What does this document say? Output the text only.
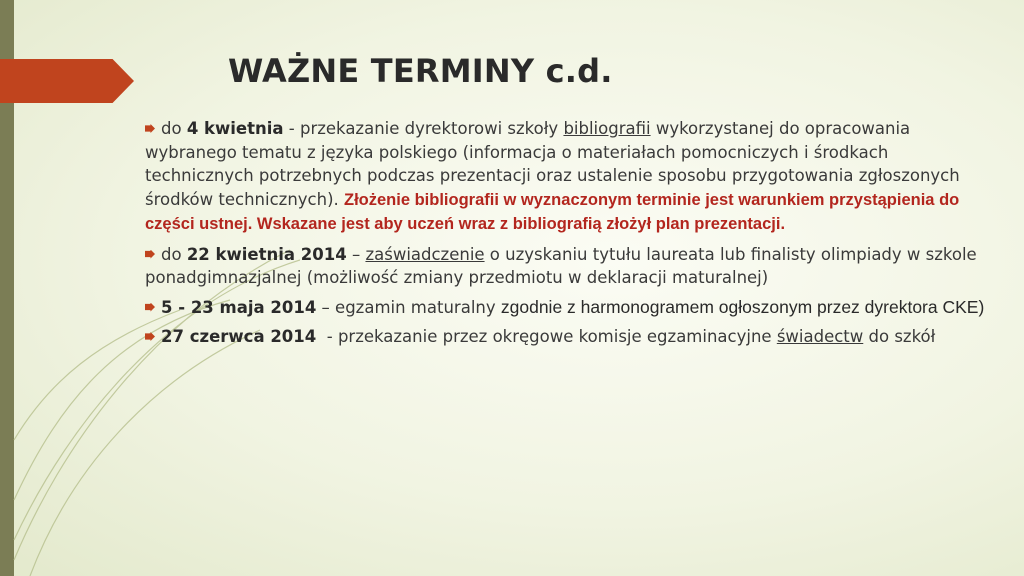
WAŻNE TERMINY c.d.
do 4 kwietnia - przekazanie dyrektorowi szkoły bibliografii wykorzystanej do opracowania wybranego tematu z języka polskiego (informacja o materiałach pomocniczych i środkach technicznych potrzebnych podczas prezentacji oraz ustalenie sposobu przygotowania zgłoszonych środków technicznych). Złożenie bibliografii w wyznaczonym terminie jest warunkiem przystąpienia do części ustnej. Wskazane jest aby uczeń wraz z bibliografią złożył plan prezentacji.
do 22 kwietnia 2014 – zaświadczenie o uzyskaniu tytułu laureata lub finalisty olimpiady w szkole ponadgimnazjalnej (możliwość zmiany przedmiotu w deklaracji maturalnej)
5 - 23 maja 2014 – egzamin maturalny zgodnie z harmonogramem ogłoszonym przez dyrektora CKE)
27 czerwca 2014  - przekazanie przez okręgowe komisje egzaminacyjne świadectw do szkół
